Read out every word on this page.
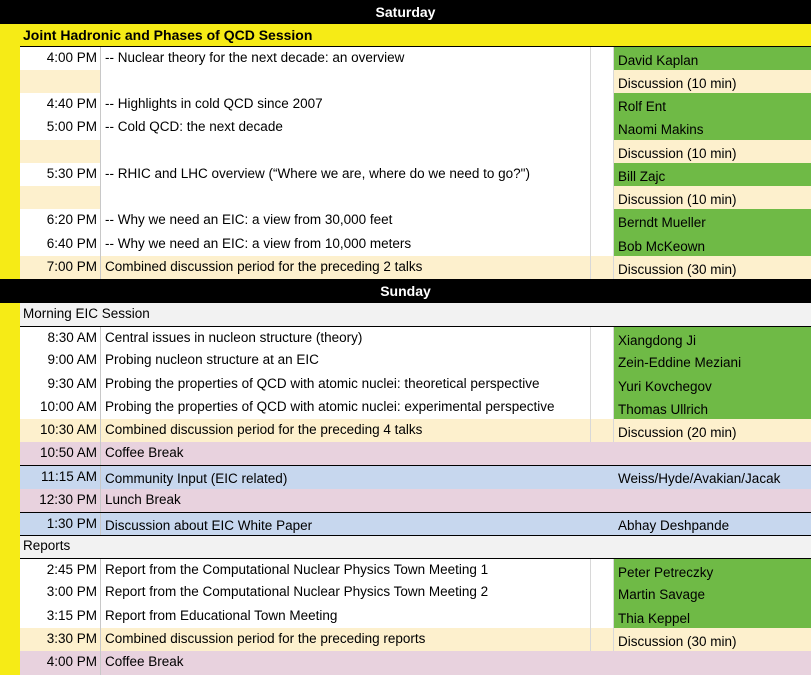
Saturday
Joint Hadronic and Phases of QCD Session
4:00 PM -- Nuclear theory for the next decade: an overview	David Kaplan
Discussion (10 min)
4:40 PM -- Highlights in cold QCD since 2007	Rolf Ent
5:00 PM -- Cold QCD: the next decade	Naomi Makins
Discussion (10 min)
5:30 PM -- RHIC and LHC overview (“Where we are, where do we need to go?")	Bill Zajc
Discussion (10 min)
6:20 PM -- Why we need an EIC: a view from 30,000 feet	Berndt Mueller
6:40 PM -- Why we need an EIC: a view from 10,000 meters	Bob McKeown
7:00 PM Combined discussion period for the preceding 2 talks	Discussion (30 min)
Sunday
Morning EIC Session
8:30 AM Central issues in nucleon structure (theory)	Xiangdong Ji
9:00 AM Probing nucleon structure at an EIC	Zein-Eddine Meziani
9:30 AM Probing the properties of QCD with atomic nuclei: theoretical perspective	Yuri Kovchegov
10:00 AM Probing the properties of QCD with atomic nuclei: experimental perspective	Thomas Ullrich
10:30 AM Combined discussion period for the preceding 4 talks	Discussion (20 min)
10:50 AM Coffee Break
11:15 AM Community Input (EIC related)	Weiss/Hyde/Avakian/Jacak
12:30 PM Lunch Break
1:30 PM Discussion about EIC White Paper	Abhay Deshpande
Reports
2:45 PM Report from the Computational Nuclear Physics Town Meeting 1	Peter Petreczky
3:00 PM Report from the Computational Nuclear Physics Town Meeting 2	Martin Savage
3:15 PM Report from Educational Town Meeting	Thia Keppel
3:30 PM Combined discussion period for the preceding reports	Discussion (30 min)
4:00 PM Coffee Break
